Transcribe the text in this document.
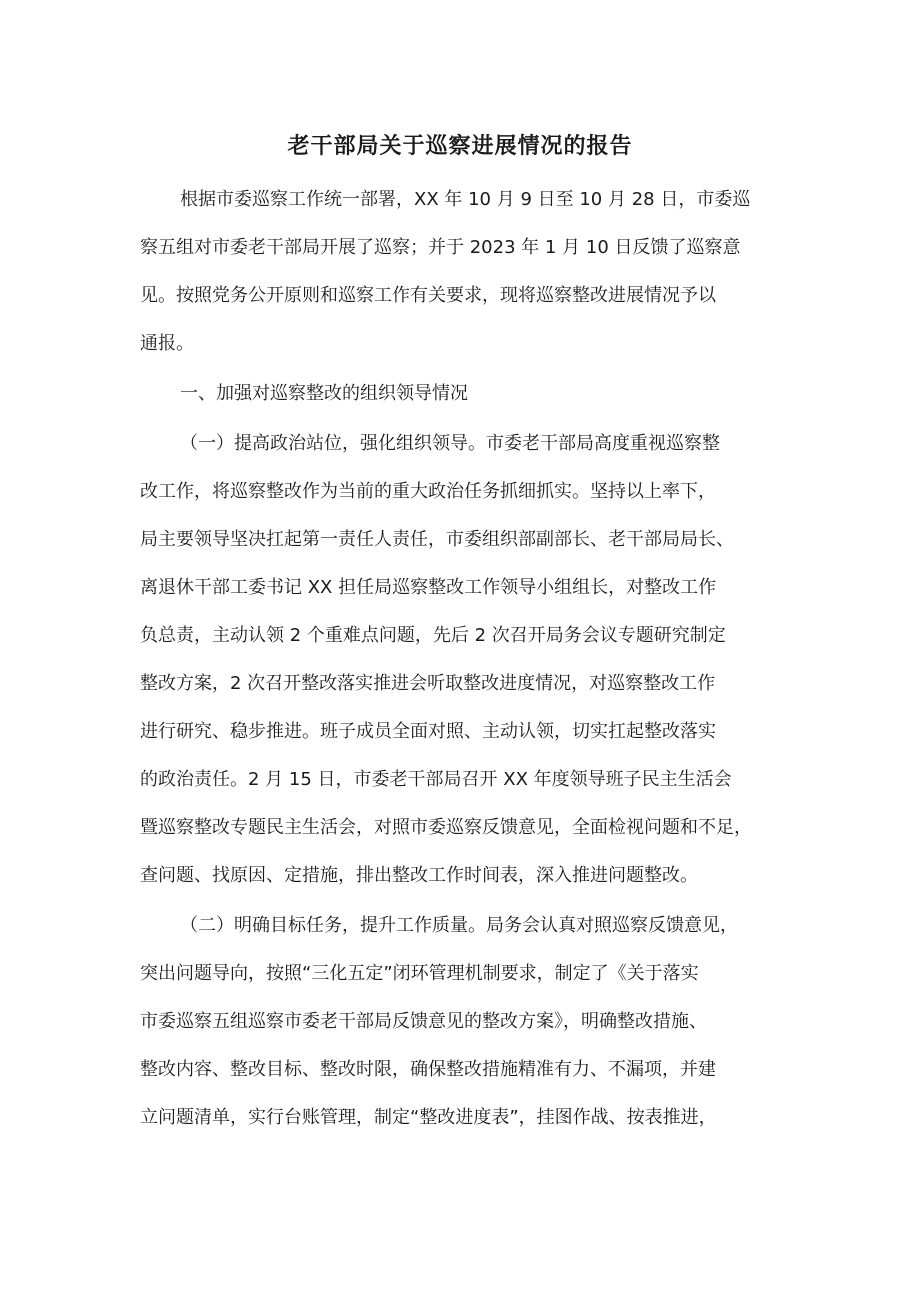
老干部局关于巡察进展情况的报告

根据市委巡察工作统一部署，XX 年 10 月 9 日至 10 月 28 日，市委巡

察五组对市委老干部局开展了巡察；并于 2023 年 1 月 10 日反馈了巡察意

见。按照党务公开原则和巡察工作有关要求，现将巡察整改进展情况予以

通报。

一、加强对巡察整改的组织领导情况

（一）提高政治站位，强化组织领导。市委老干部局高度重视巡察整

改工作，将巡察整改作为当前的重大政治任务抓细抓实。坚持以上率下，

局主要领导坚决扛起第一责任人责任，市委组织部副部长、老干部局局长、

离退休干部工委书记 XX 担任局巡察整改工作领导小组组长，对整改工作

负总责，主动认领 2 个重难点问题，先后 2 次召开局务会议专题研究制定

整改方案，2 次召开整改落实推进会听取整改进度情况，对巡察整改工作

进行研究、稳步推进。班子成员全面对照、主动认领，切实扛起整改落实

的政治责任。2 月 15 日，市委老干部局召开 XX 年度领导班子民主生活会

暨巡察整改专题民主生活会，对照市委巡察反馈意见，全面检视问题和不足，

查问题、找原因、定措施，排出整改工作时间表，深入推进问题整改。

（二）明确目标任务，提升工作质量。局务会认真对照巡察反馈意见，

突出问题导向，按照“三化五定”闭环管理机制要求，制定了《关于落实

市委巡察五组巡察市委老干部局反馈意见的整改方案》，明确整改措施、

整改内容、整改目标、整改时限，确保整改措施精准有力、不漏项，并建

立问题清单，实行台账管理，制定“整改进度表”，挂图作战、按表推进，
